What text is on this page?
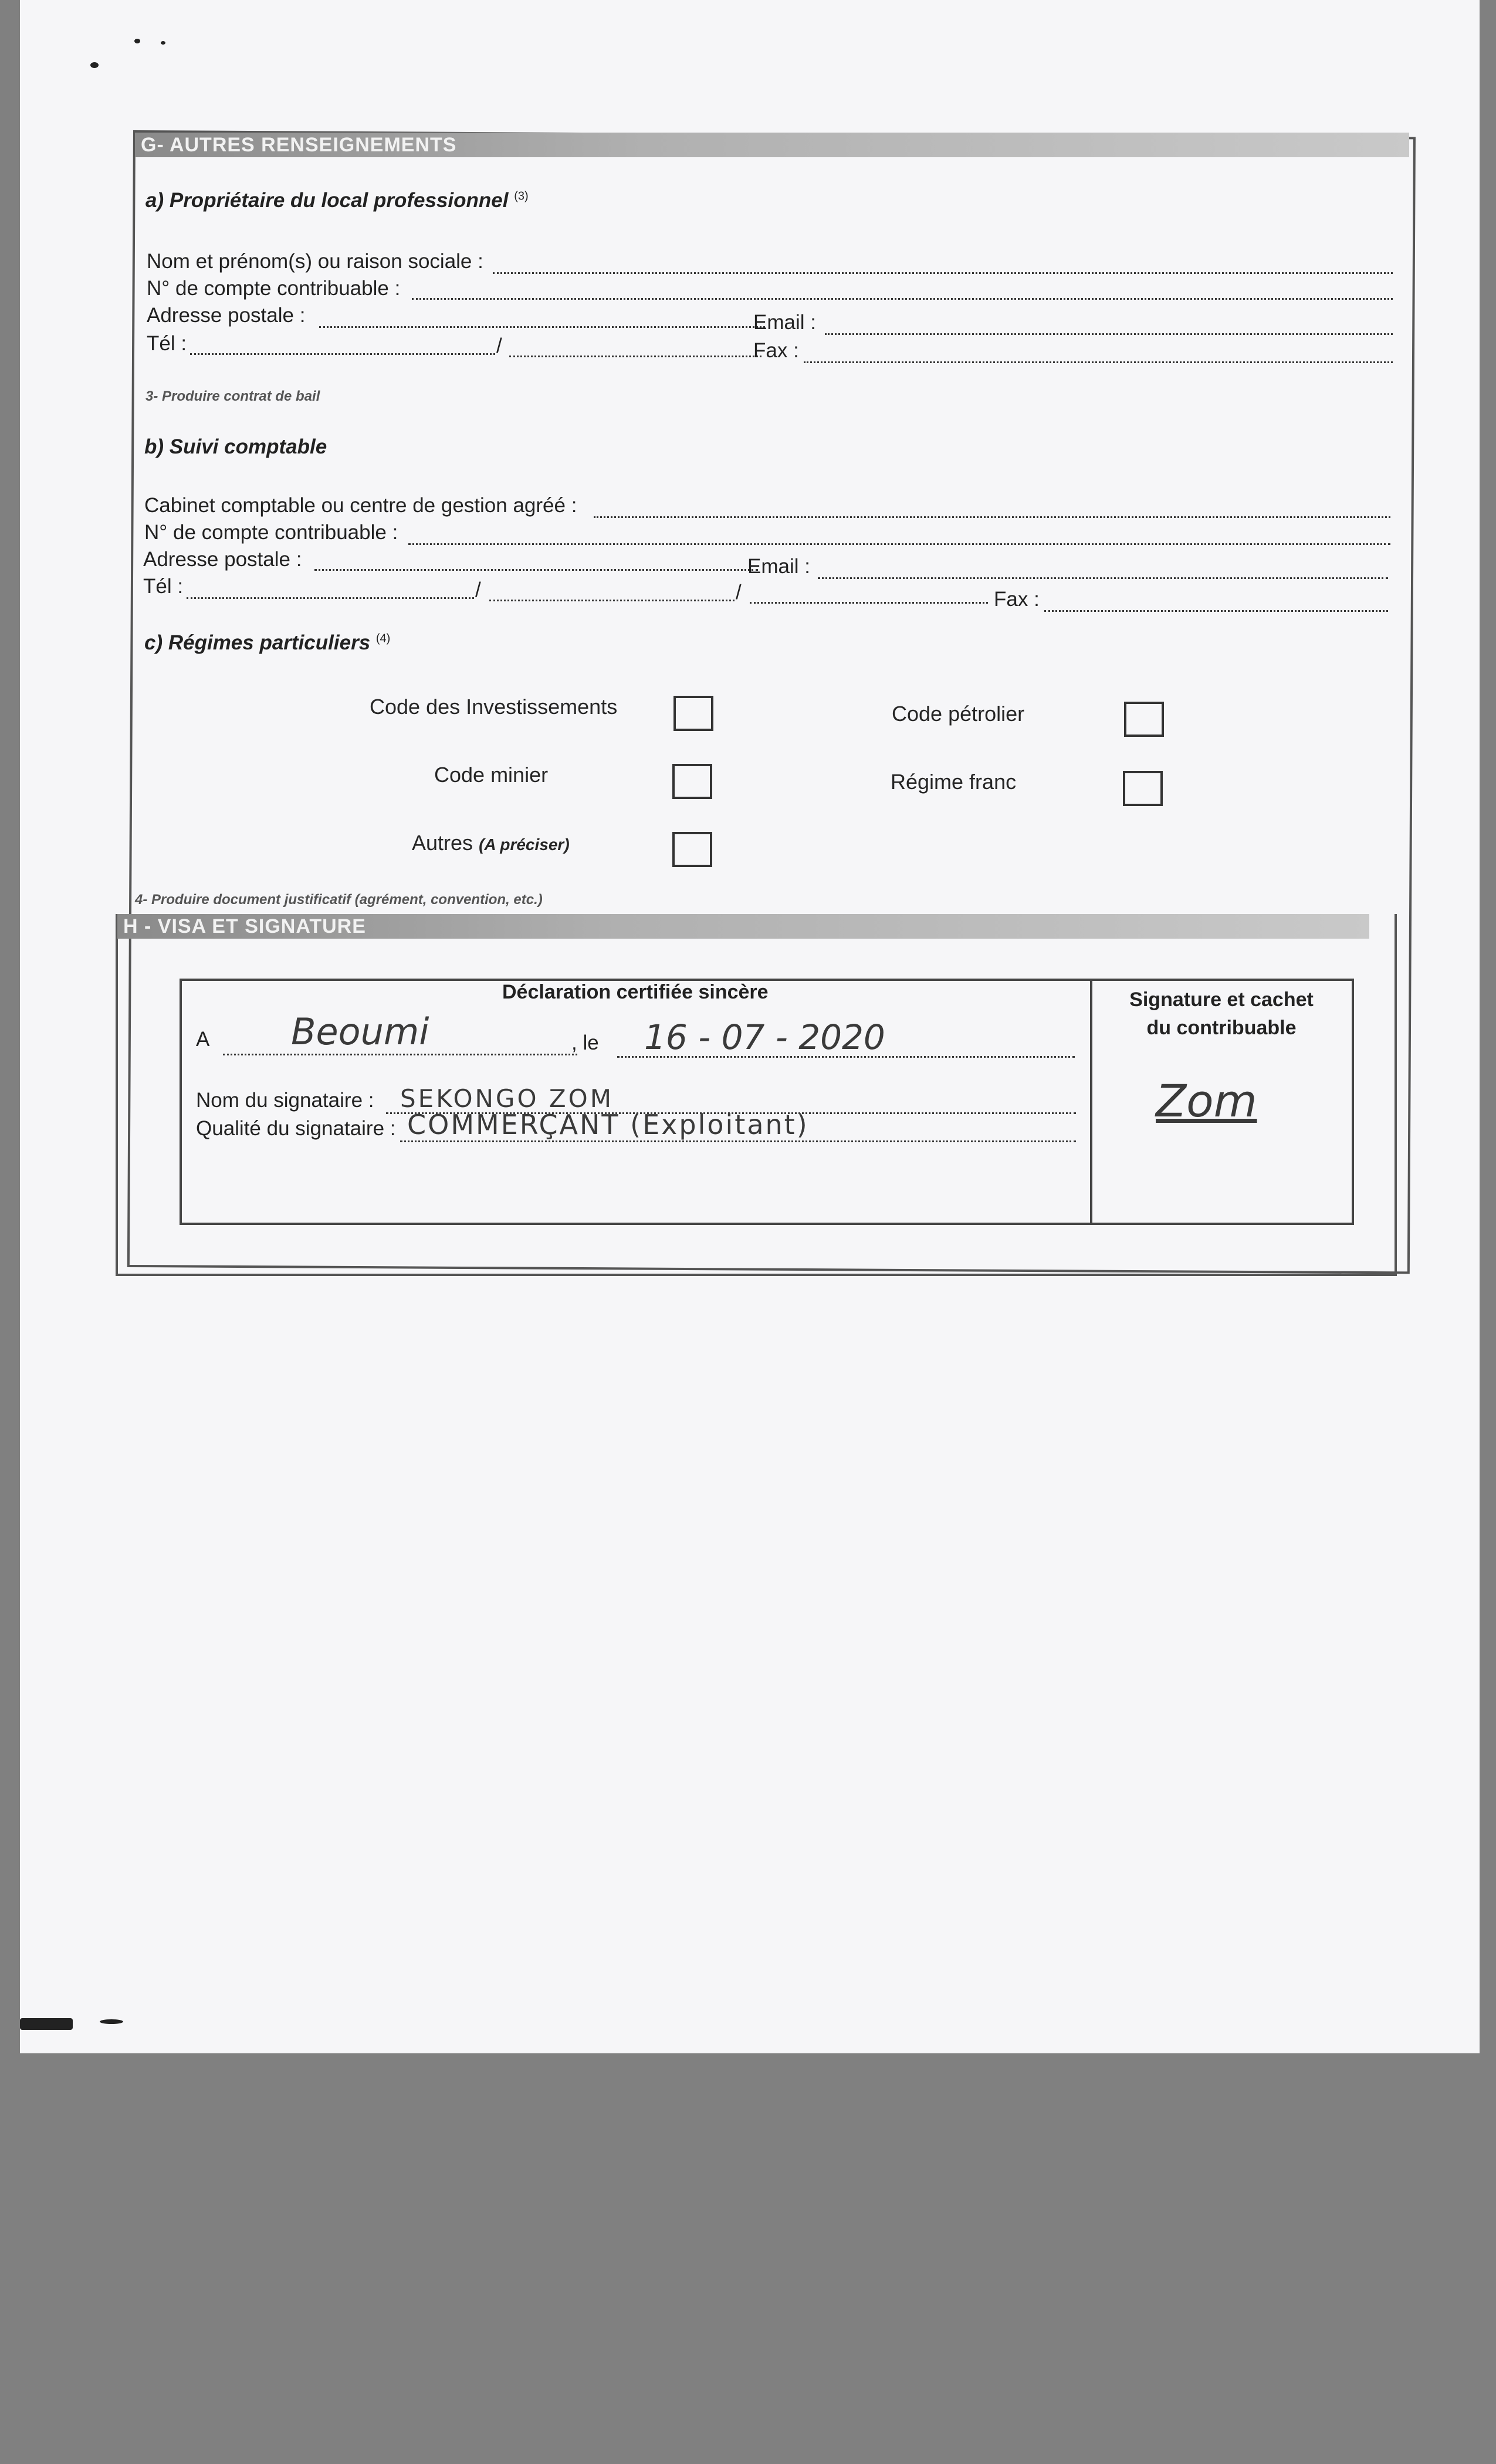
G- AUTRES RENSEIGNEMENTS
a) Propriétaire du local professionnel $^{(3)}$
Nom et prénom(s) ou raison sociale :
N° de compte contribuable :
Adresse postale :	Email :
Tél :	/	Fax :
3- Produire contrat de bail
b) Suivi comptable
Cabinet comptable ou centre de gestion agréé :
N° de compte contribuable :
Adresse postale :	Email :
Tél :	/	/	Fax :
c) Régimes particuliers $^{(4)}$
Code des Investissements	Code pétrolier
Code minier	Régime franc
Autres (A préciser)
4- Produire document justificatif (agrément, convention, etc.)
H - VISA ET SIGNATURE
Déclaration certifiée sincère
A Beoumi	, le 16 - 07 - 2020
Nom du signataire : SEKONGO ZOM
Qualité du signataire : COMMERÇANT (Exploitant)
Signature et cachet
du contribuable
Zom
